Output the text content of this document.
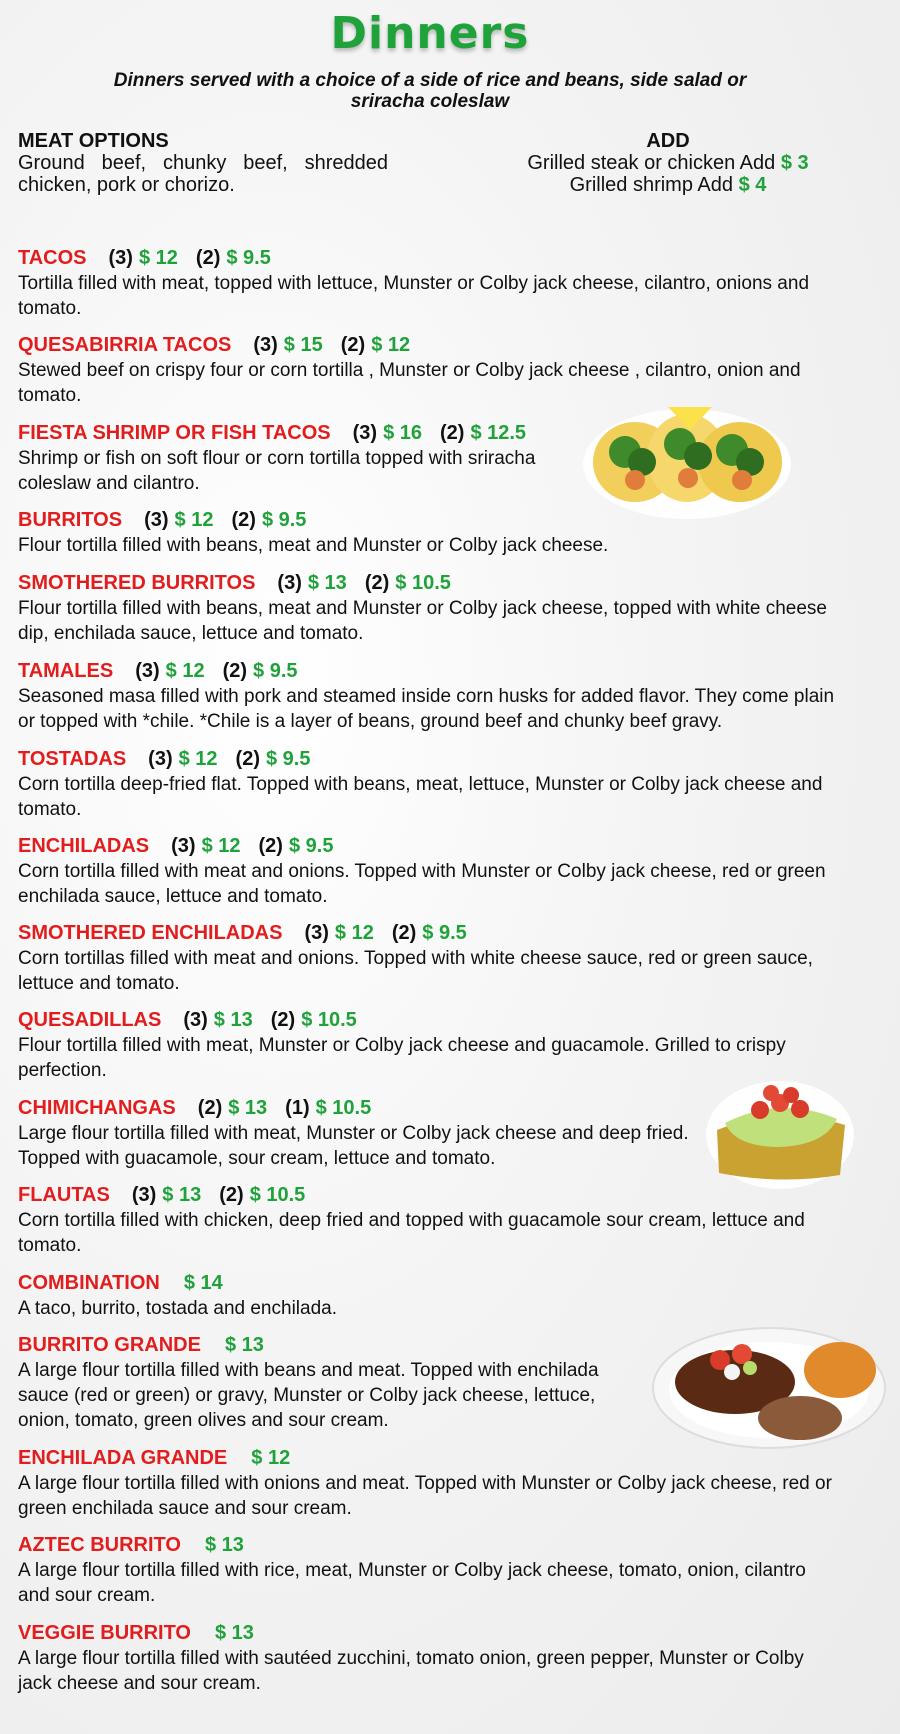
Dinners
Dinners served with a choice of a side of rice and beans, side salad or sriracha coleslaw
MEAT OPTIONS
Ground beef, chunky beef, shredded chicken, pork or chorizo.
ADD
Grilled steak or chicken Add $ 3
Grilled shrimp Add $ 4
TACOS (3) $ 12 (2) $ 9.5
Tortilla filled with meat, topped with lettuce, Munster or Colby jack cheese, cilantro, onions and tomato.
QUESABIRRIA TACOS (3) $ 15 (2) $ 12
Stewed beef on crispy four or corn tortilla , Munster or Colby jack cheese , cilantro, onion and tomato.
FIESTA SHRIMP OR FISH TACOS (3) $ 16 (2) $ 12.5
Shrimp or fish on soft flour or corn tortilla topped with sriracha coleslaw and cilantro.
BURRITOS (3) $ 12 (2) $ 9.5
Flour tortilla filled with beans, meat and Munster or Colby jack cheese.
SMOTHERED BURRITOS (3) $ 13 (2) $ 10.5
Flour tortilla filled with beans, meat and Munster or Colby jack cheese, topped with white cheese dip, enchilada sauce, lettuce and tomato.
TAMALES (3) $ 12 (2) $ 9.5
Seasoned masa filled with pork and steamed inside corn husks for added flavor. They come plain or topped with *chile. *Chile is a layer of beans, ground beef and chunky beef gravy.
TOSTADAS (3) $ 12 (2) $ 9.5
Corn tortilla deep-fried flat. Topped with beans, meat, lettuce, Munster or Colby jack cheese and tomato.
ENCHILADAS (3) $ 12 (2) $ 9.5
Corn tortilla filled with meat and onions. Topped with Munster or Colby jack cheese, red or green enchilada sauce, lettuce and tomato.
SMOTHERED ENCHILADAS (3) $ 12 (2) $ 9.5
Corn tortillas filled with meat and onions. Topped with white cheese sauce, red or green sauce, lettuce and tomato.
QUESADILLAS (3) $ 13 (2) $ 10.5
Flour tortilla filled with meat, Munster or Colby jack cheese and guacamole. Grilled to crispy perfection.
CHIMICHANGAS (2) $ 13 (1) $ 10.5
Large flour tortilla filled with meat, Munster or Colby jack cheese and deep fried. Topped with guacamole, sour cream, lettuce and tomato.
FLAUTAS (3) $ 13 (2) $ 10.5
Corn tortilla filled with chicken, deep fried and topped with guacamole sour cream, lettuce and tomato.
COMBINATION $ 14
A taco, burrito, tostada and enchilada.
BURRITO GRANDE $ 13
A large flour tortilla filled with beans and meat. Topped with enchilada sauce (red or green) or gravy, Munster or Colby jack cheese, lettuce, onion, tomato, green olives and sour cream.
ENCHILADA GRANDE $ 12
A large flour tortilla filled with onions and meat. Topped with Munster or Colby jack cheese, red or green enchilada sauce and sour cream.
AZTEC BURRITO $ 13
A large flour tortilla filled with rice, meat, Munster or Colby jack cheese, tomato, onion, cilantro and sour cream.
VEGGIE BURRITO $ 13
A large flour tortilla filled with sautéed zucchini, tomato onion, green pepper, Munster or Colby jack cheese and sour cream.
